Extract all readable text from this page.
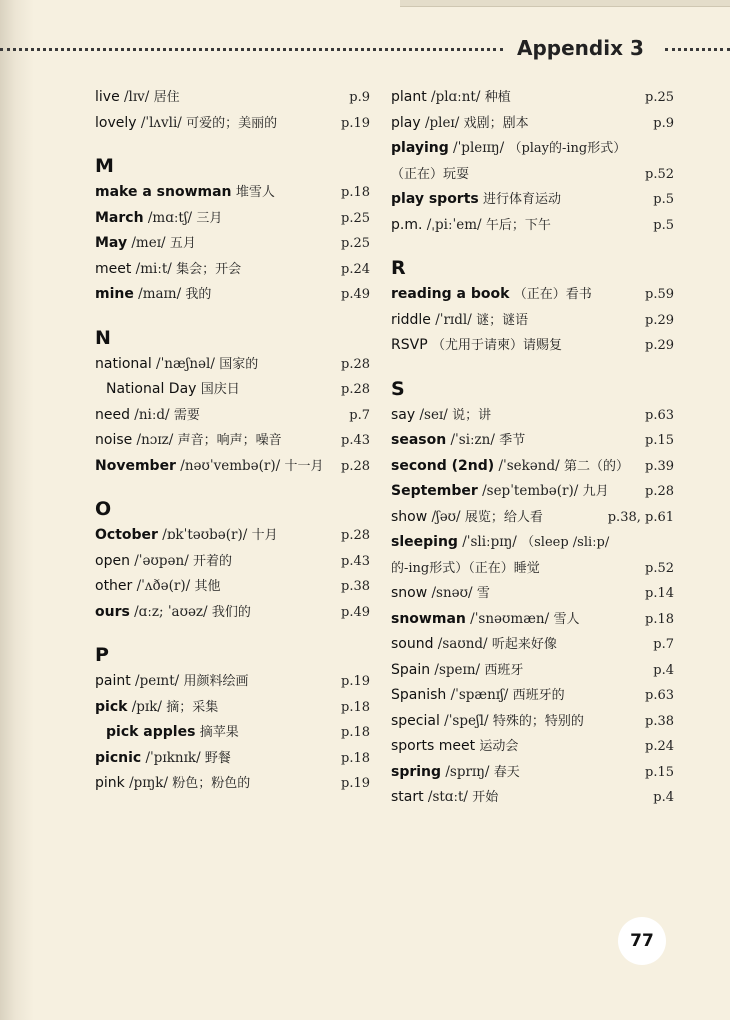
Appendix 3
live /lɪv/ 居住	p.9
lovely /ˈlʌvli/ 可爱的；美丽的	p.19
M
make a snowman 堆雪人	p.18
March /mɑːtʃ/ 三月	p.25
May /meɪ/ 五月	p.25
meet /miːt/ 集会；开会	p.24
mine /maɪn/ 我的	p.49
N
national /ˈnæʃnəl/ 国家的	p.28
National Day 国庆日	p.28
need /niːd/ 需要	p.7
noise /nɔɪz/ 声音；响声；噪音	p.43
November /nəʊˈvembə(r)/ 十一月	p.28
O
October /ɒkˈtəʊbə(r)/ 十月	p.28
open /ˈəʊpən/ 开着的	p.43
other /ˈʌðə(r)/ 其他	p.38
ours /ɑːz; ˈaʊəz/ 我们的	p.49
P
paint /peɪnt/ 用颜料绘画	p.19
pick /pɪk/ 摘；采集	p.18
pick apples 摘苹果	p.18
picnic /ˈpɪknɪk/ 野餐	p.18
pink /pɪŋk/ 粉色；粉色的	p.19
plant /plɑːnt/ 种植	p.25
play /pleɪ/ 戏剧；剧本	p.9
playing /ˈpleɪɪŋ/ （play的-ing形式）
（正在）玩耍	p.52
play sports 进行体育运动	p.5
p.m. /ˌpiːˈem/ 午后；下午	p.5
R
reading a book （正在）看书	p.59
riddle /ˈrɪdl/ 谜；谜语	p.29
RSVP （尤用于请柬）请赐复	p.29
S
say /seɪ/ 说；讲	p.63
season /ˈsiːzn/ 季节	p.15
second (2nd) /ˈsekənd/ 第二（的）	p.39
September /sepˈtembə(r)/ 九月	p.28
show /ʃəʊ/ 展览；给人看	p.38, p.61
sleeping /ˈsliːpɪŋ/ （sleep /sliːp/
的-ing形式）（正在）睡觉	p.52
snow /snəʊ/ 雪	p.14
snowman /ˈsnəʊmæn/ 雪人	p.18
sound /saʊnd/ 听起来好像	p.7
Spain /speɪn/ 西班牙	p.4
Spanish /ˈspænɪʃ/ 西班牙的	p.63
special /ˈspeʃl/ 特殊的；特别的	p.38
sports meet 运动会	p.24
spring /sprɪŋ/ 春天	p.15
start /stɑːt/ 开始	p.4
77
